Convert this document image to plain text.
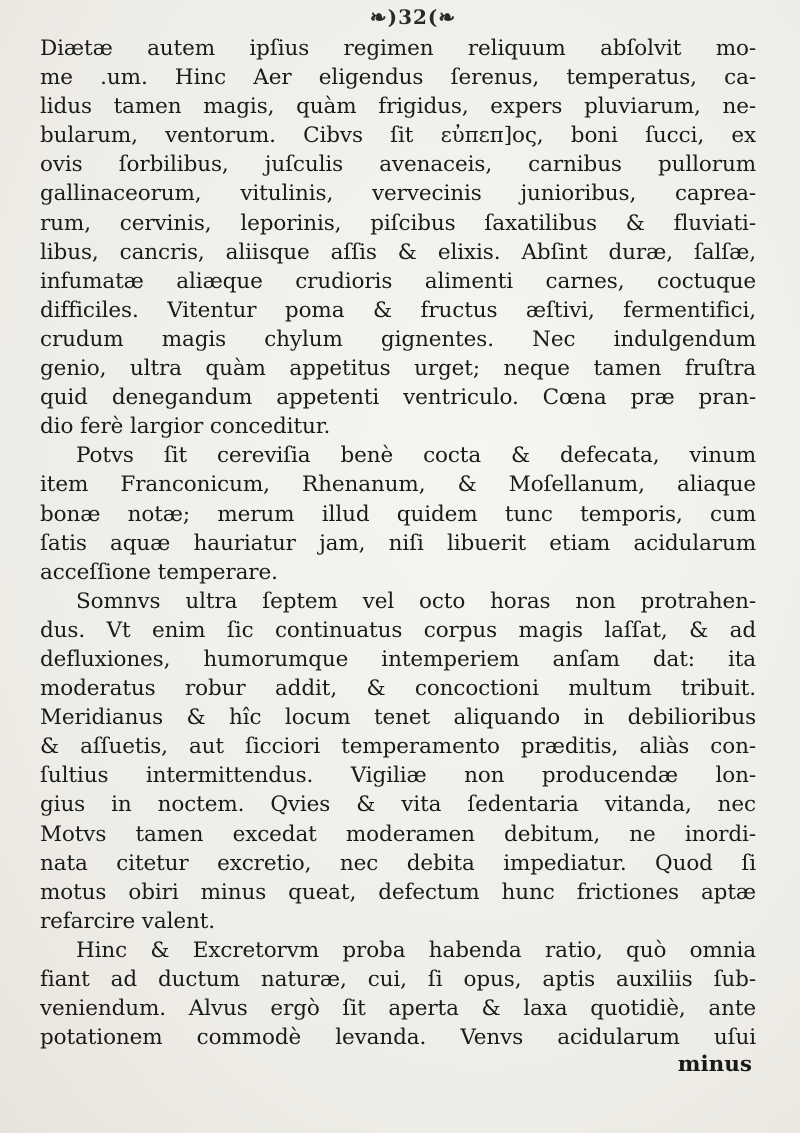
❧)32(❧
Diætæ autem ipſius regimen reliquum abſolvit mo-
me .um. Hinc Aer eligendus ſerenus, temperatus, ca-
lidus tamen magis, quàm frigidus, expers pluviarum, ne-
bularum, ventorum. Cibvs ſit εὐπεπ]ος, boni ſucci, ex
ovis ſorbilibus, juſculis avenaceis, carnibus pullorum
gallinaceorum, vitulinis, vervecinis junioribus, caprea-
rum, cervinis, leporinis, piſcibus ſaxatilibus & fluviati-
libus, cancris, aliisque aſſis & elixis. Abſint duræ, ſalſæ,
infumatæ aliæque crudioris alimenti carnes, coctuque
difficiles. Vitentur poma & fructus æſtivi, fermentifici,
crudum magis chylum gignentes. Nec indulgendum
genio, ultra quàm appetitus urget; neque tamen fruſtra
quid denegandum appetenti ventriculo. Cœna præ pran-
dio ferè largior conceditur.
Potvs ſit cereviſia benè cocta & defecata, vinum
item Franconicum, Rhenanum, & Moſellanum, aliaque
bonæ notæ; merum illud quidem tunc temporis, cum
ſatis aquæ hauriatur jam, niſi libuerit etiam acidularum
acceſſione temperare.
Somnvs ultra ſeptem vel octo horas non protrahen-
dus. Vt enim ſic continuatus corpus magis laſſat, & ad
defluxiones, humorumque intemperiem anſam dat: ita
moderatus robur addit, & concoctioni multum tribuit.
Meridianus & hîc locum tenet aliquando in debilioribus
& aſſuetis, aut ſicciori temperamento præditis, aliàs con-
ſultius intermittendus. Vigiliæ non producendæ lon-
gius in noctem. Qvies & vita ſedentaria vitanda, nec
Motvs tamen excedat moderamen debitum, ne inordi-
nata citetur excretio, nec debita impediatur. Quod ſi
motus obiri minus queat, defectum hunc frictiones aptæ
refarcire valent.
Hinc & Excretorvm proba habenda ratio, quò omnia
fiant ad ductum naturæ, cui, ſi opus, aptis auxiliis ſub-
veniendum. Alvus ergò ſit aperta & laxa quotidiè, ante
potationem commodè levanda. Venvs acidularum uſui
minus
